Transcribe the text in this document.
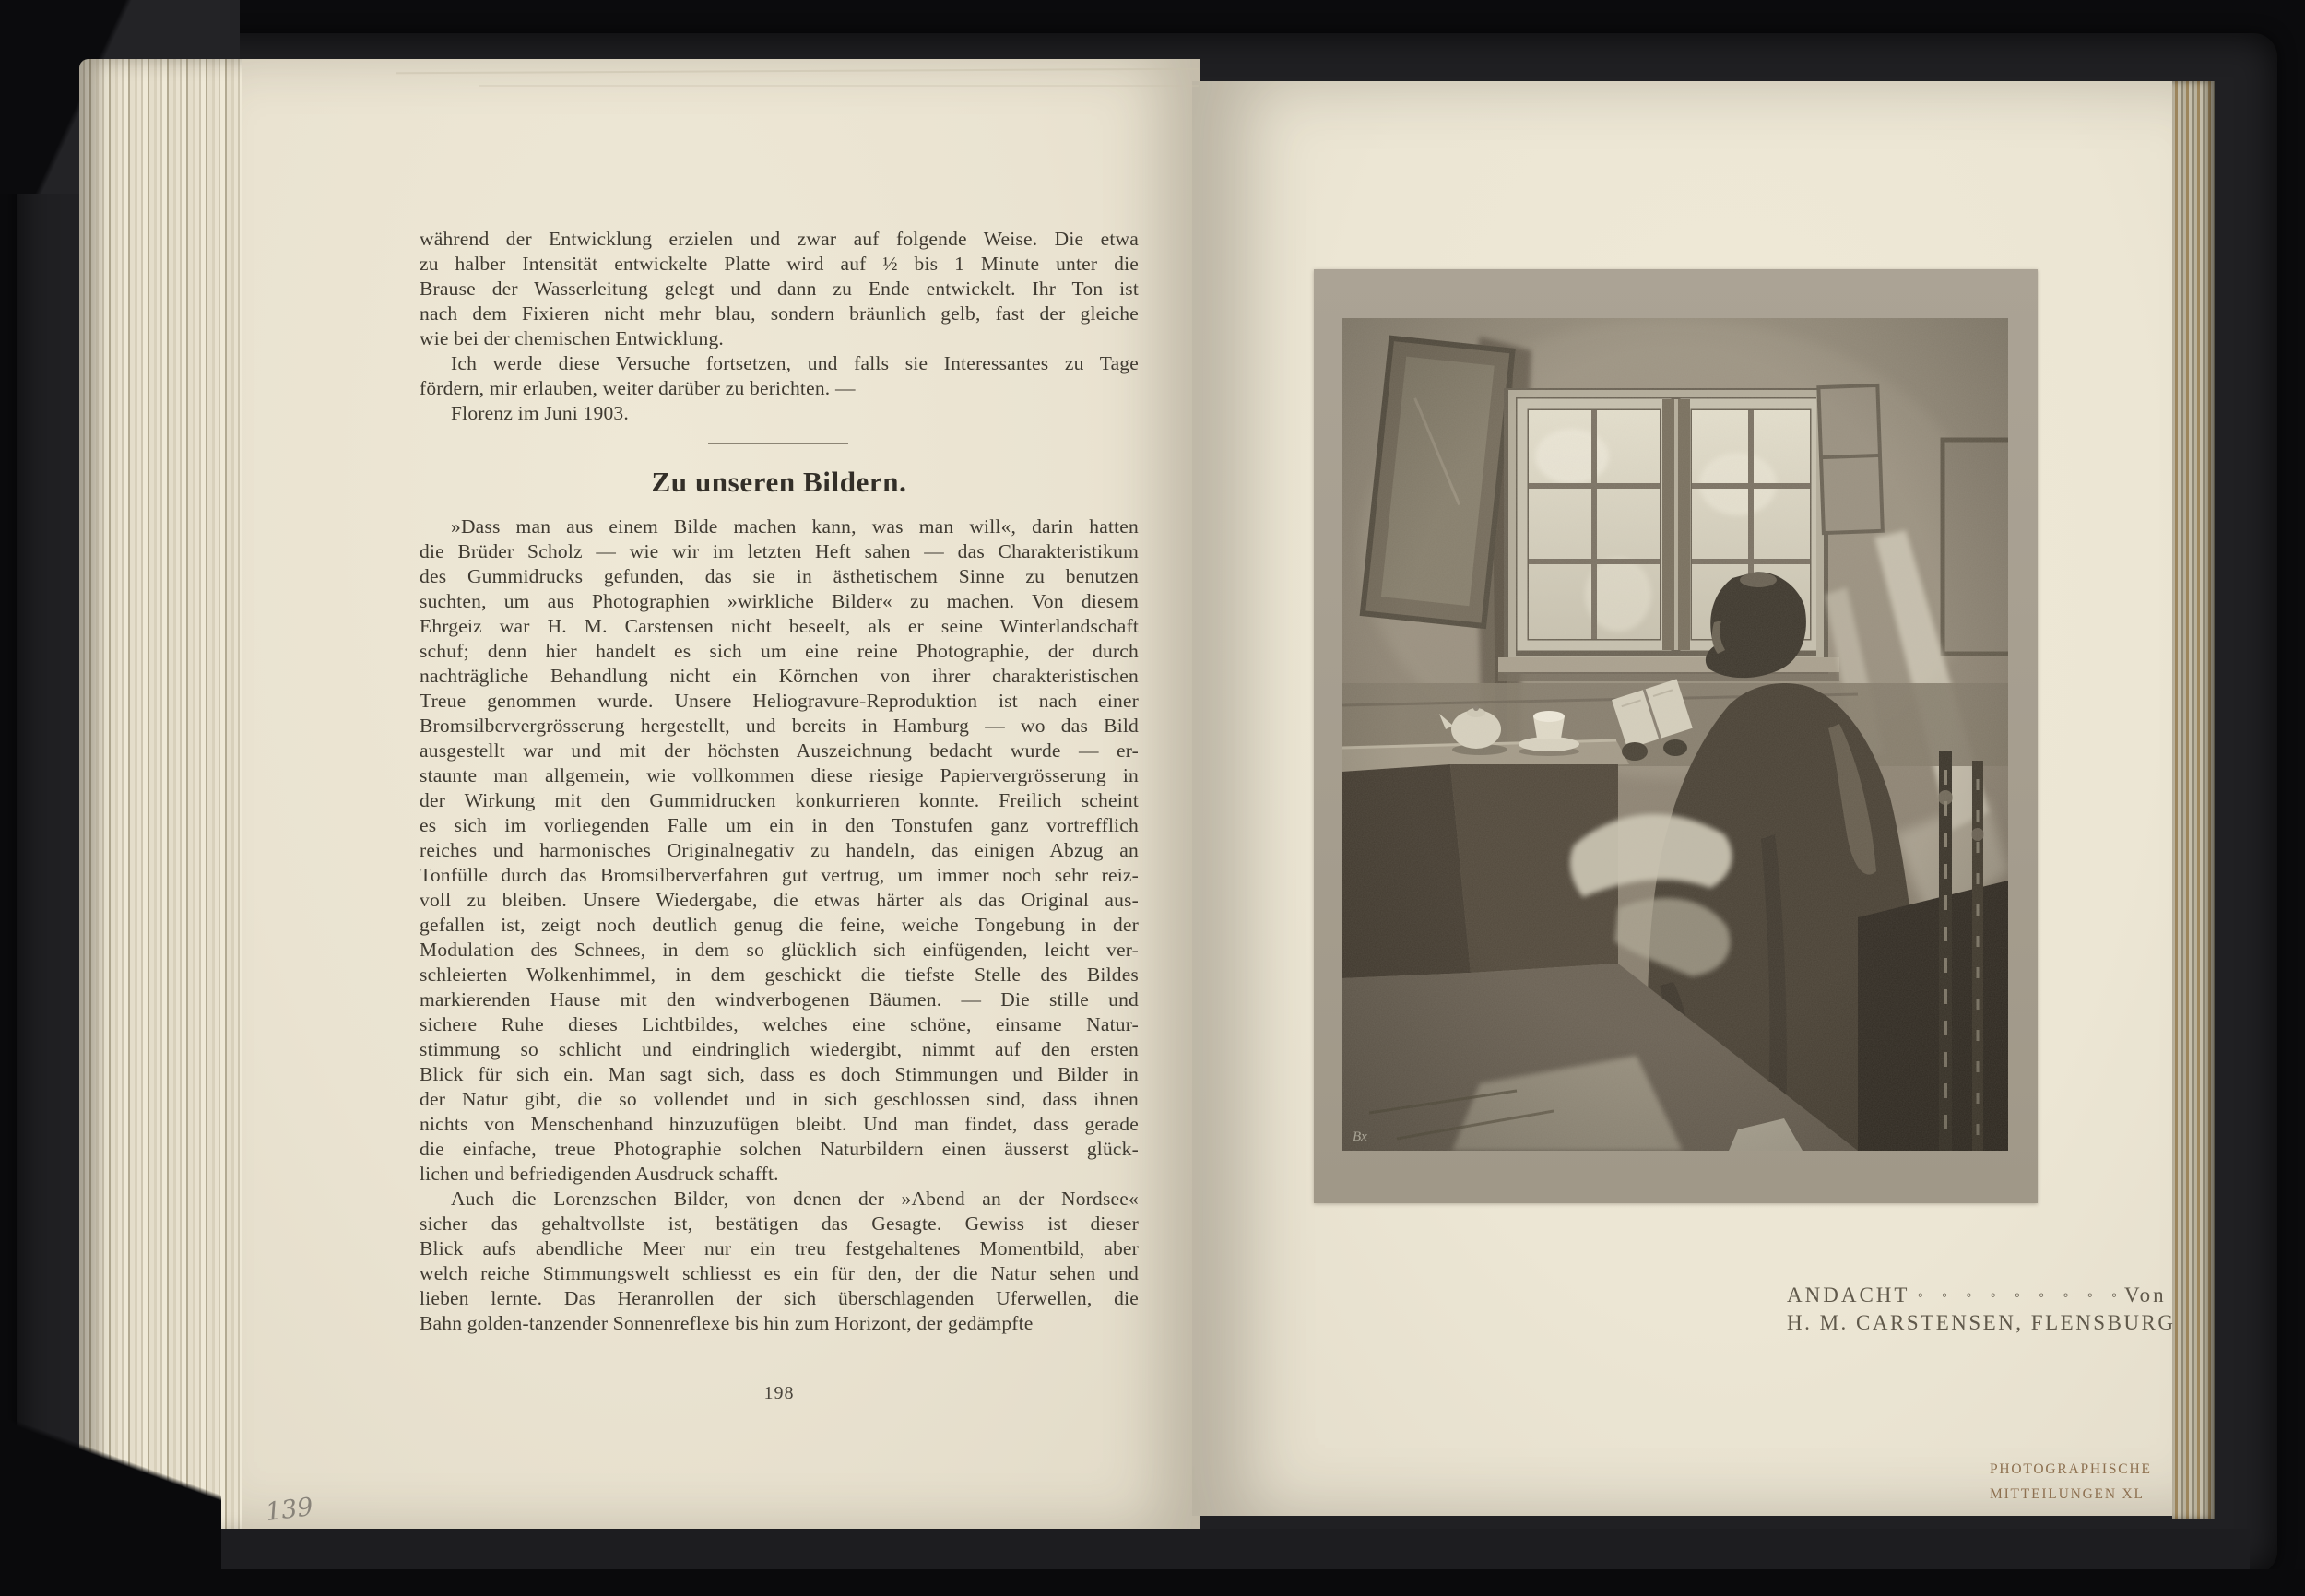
während der Entwicklung erzielen und zwar auf folgende Weise. Die etwa
zu halber Intensität entwickelte Platte wird auf ½ bis 1 Minute unter die
Brause der Wasserleitung gelegt und dann zu Ende entwickelt. Ihr Ton ist
nach dem Fixieren nicht mehr blau, sondern bräunlich gelb, fast der gleiche
wie bei der chemischen Entwicklung.
Ich werde diese Versuche fortsetzen, und falls sie Interessantes zu Tage
fördern, mir erlauben, weiter darüber zu berichten. —
Florenz im Juni 1903.
Zu unseren Bildern.
»Dass man aus einem Bilde machen kann, was man will«, darin hatten
die Brüder Scholz — wie wir im letzten Heft sahen — das Charakteristikum
des Gummidrucks gefunden, das sie in ästhetischem Sinne zu benutzen
suchten, um aus Photographien »wirkliche Bilder« zu machen. Von diesem
Ehrgeiz war H. M. Carstensen nicht beseelt, als er seine Winterlandschaft
schuf; denn hier handelt es sich um eine reine Photographie, der durch
nachträgliche Behandlung nicht ein Körnchen von ihrer charakteristischen
Treue genommen wurde. Unsere Heliogravure-Reproduktion ist nach einer
Bromsilbervergrösserung hergestellt, und bereits in Hamburg — wo das Bild
ausgestellt war und mit der höchsten Auszeichnung bedacht wurde — er-
staunte man allgemein, wie vollkommen diese riesige Papiervergrösserung in
der Wirkung mit den Gummidrucken konkurrieren konnte. Freilich scheint
es sich im vorliegenden Falle um ein in den Tonstufen ganz vortrefflich
reiches und harmonisches Originalnegativ zu handeln, das einigen Abzug an
Tonfülle durch das Bromsilberverfahren gut vertrug, um immer noch sehr reiz-
voll zu bleiben. Unsere Wiedergabe, die etwas härter als das Original aus-
gefallen ist, zeigt noch deutlich genug die feine, weiche Tongebung in der
Modulation des Schnees, in dem so glücklich sich einfügenden, leicht ver-
schleierten Wolkenhimmel, in dem geschickt die tiefste Stelle des Bildes
markierenden Hause mit den windverbogenen Bäumen. — Die stille und
sichere Ruhe dieses Lichtbildes, welches eine schöne, einsame Natur-
stimmung so schlicht und eindringlich wiedergibt, nimmt auf den ersten
Blick für sich ein. Man sagt sich, dass es doch Stimmungen und Bilder in
der Natur gibt, die so vollendet und in sich geschlossen sind, dass ihnen
nichts von Menschenhand hinzuzufügen bleibt. Und man findet, dass gerade
die einfache, treue Photographie solchen Naturbildern einen äusserst glück-
lichen und befriedigenden Ausdruck schafft.
Auch die Lorenzschen Bilder, von denen der »Abend an der Nordsee«
sicher das gehaltvollste ist, bestätigen das Gesagte. Gewiss ist dieser
Blick aufs abendliche Meer nur ein treu festgehaltenes Momentbild, aber
welch reiche Stimmungswelt schliesst es ein für den, der die Natur sehen und
lieben lernte. Das Heranrollen der sich überschlagenden Uferwellen, die
Bahn golden-tanzender Sonnenreflexe bis hin zum Horizont, der gedämpfte
198
139
ANDACHT ◦ ◦ ◦ ◦ ◦ ◦ ◦ ◦ ◦Von
H. M. CARSTENSEN, FLENSBURG
PHOTOGRAPHISCHE
MITTEILUNGEN XL
